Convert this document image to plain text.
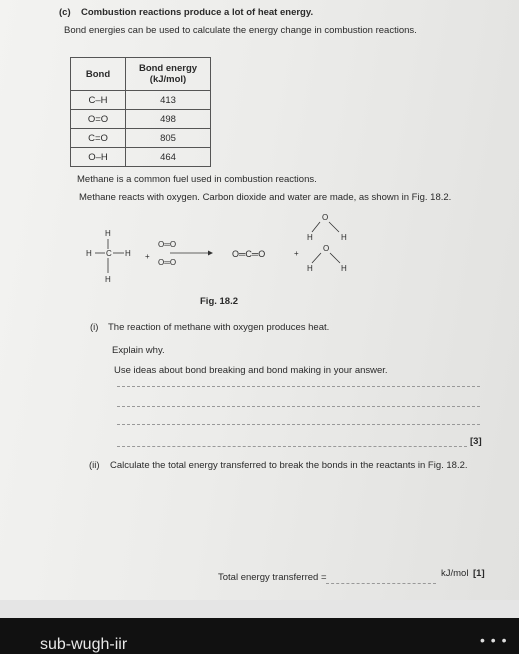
(c) Combustion reactions produce a lot of heat energy.
Bond energies can be used to calculate the energy change in combustion reactions.
Bond	Bond energy
(kJ/mol)
C–H	413
O=O	498
C=O	805
O–H	464
Methane is a common fuel used in combustion reactions.
Methane reacts with oxygen. Carbon dioxide and water are made, as shown in Fig. 18.2.
H
H C H
H
+
O═O
O═O
O═C═O	+
O
H	H
O
H	H
Fig. 18.2
(i) The reaction of methane with oxygen produces heat.
Explain why.
Use ideas about bond breaking and bond making in your answer.
[3]
(ii) Calculate the total energy transferred to break the bonds in the reactants in Fig. 18.2.
Total energy transferred =	kJ/mol [1]
sub-wugh-iir	• • •
